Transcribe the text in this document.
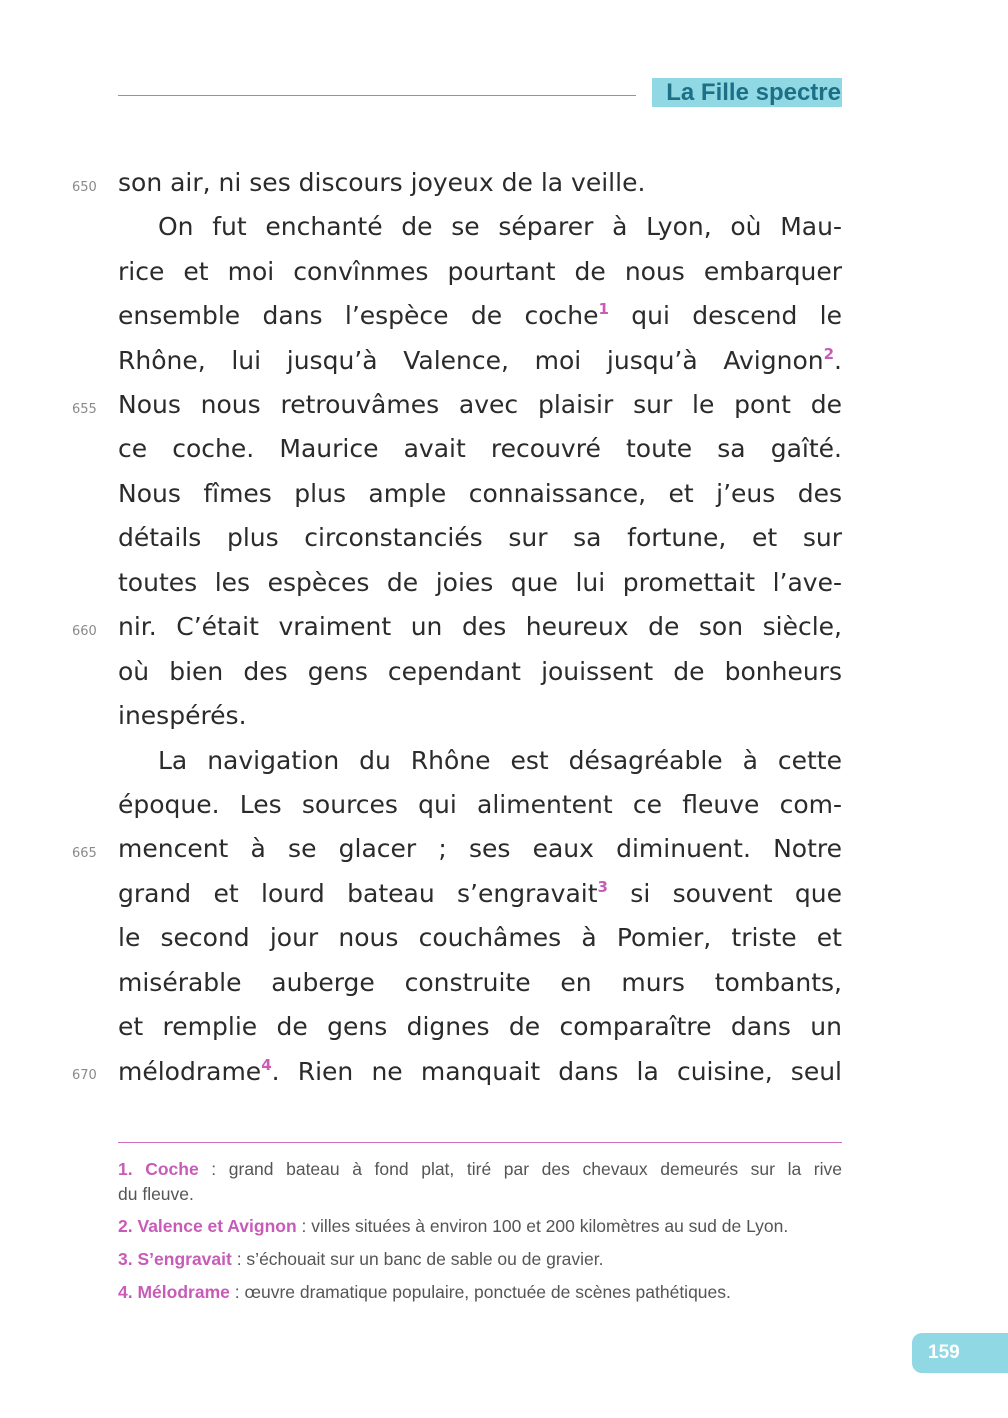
La Fille spectre
650
655
660
665
670
son air, ni ses discours joyeux de la veille.
On fut enchanté de se séparer à Lyon, où Mau-
rice et moi convînmes pourtant de nous embarquer
ensemble dans l’espèce de coche$^1$ qui descend le
Rhône, lui jusqu’à Valence, moi jusqu’à Avignon$^2$.
Nous nous retrouvâmes avec plaisir sur le pont de
ce coche. Maurice avait recouvré toute sa gaîté.
Nous fîmes plus ample connaissance, et j’eus des
détails plus circonstanciés sur sa fortune, et sur
toutes les espèces de joies que lui promettait l’ave-
nir. C’était vraiment un des heureux de son siècle,
où bien des gens cependant jouissent de bonheurs
inespérés.
La navigation du Rhône est désagréable à cette
époque. Les sources qui alimentent ce fleuve com-
mencent à se glacer ; ses eaux diminuent. Notre
grand et lourd bateau s’engravait$^3$ si souvent que
le second jour nous couchâmes à Pomier, triste et
misérable auberge construite en murs tombants,
et remplie de gens dignes de comparaître dans un
mélodrame$^4$. Rien ne manquait dans la cuisine, seul
1. Coche : grand bateau à fond plat, tiré par des chevaux demeurés sur la rive
du fleuve.
2. Valence et Avignon : villes situées à environ 100 et 200 kilomètres au sud de Lyon.
3. S’engravait : s’échouait sur un banc de sable ou de gravier.
4. Mélodrame : œuvre dramatique populaire, ponctuée de scènes pathétiques.
159
